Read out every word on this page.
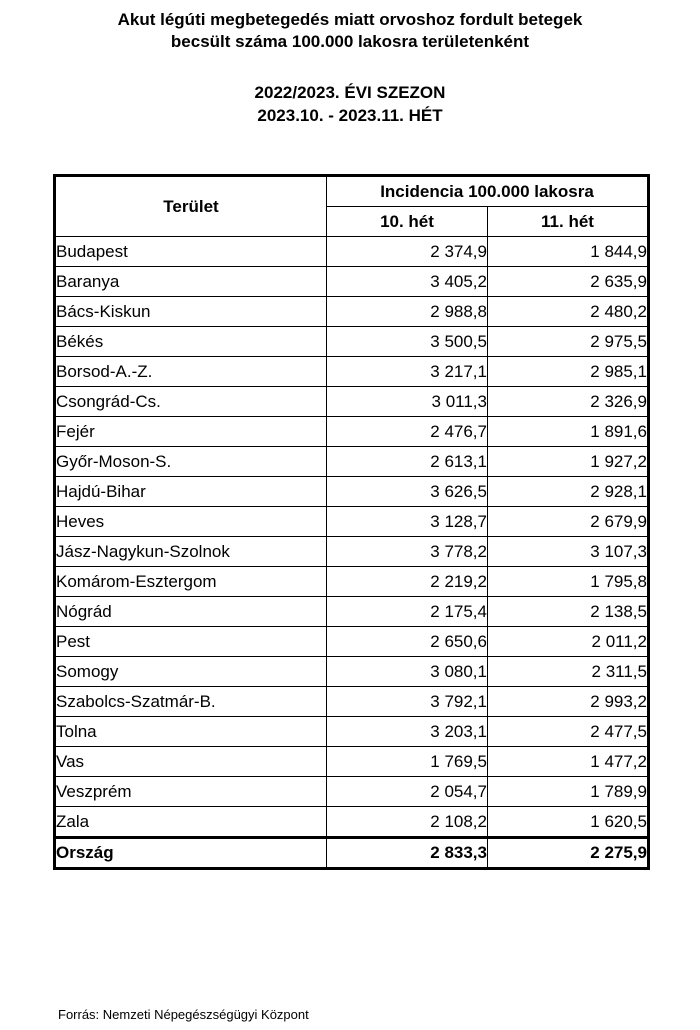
Akut légúti megbetegedés miatt orvoshoz fordult betegek
becsült száma 100.000 lakosra területenként
2022/2023. ÉVI SZEZON
2023.10. - 2023.11. HÉT
Terület	Incidencia 100.000 lakosra	
	10. hét	11. hét
Budapest	2 374,9	1 844,9
Baranya	3 405,2	2 635,9
Bács-Kiskun	2 988,8	2 480,2
Békés	3 500,5	2 975,5
Borsod-A.-Z.	3 217,1	2 985,1
Csongrád-Cs.	3 011,3	2 326,9
Fejér	2 476,7	1 891,6
Győr-Moson-S.	2 613,1	1 927,2
Hajdú-Bihar	3 626,5	2 928,1
Heves	3 128,7	2 679,9
Jász-Nagykun-Szolnok	3 778,2	3 107,3
Komárom-Esztergom	2 219,2	1 795,8
Nógrád	2 175,4	2 138,5
Pest	2 650,6	2 011,2
Somogy	3 080,1	2 311,5
Szabolcs-Szatmár-B.	3 792,1	2 993,2
Tolna	3 203,1	2 477,5
Vas	1 769,5	1 477,2
Veszprém	2 054,7	1 789,9
Zala	2 108,2	1 620,5
Ország	2 833,3	2 275,9
Forrás: Nemzeti Népegészségügyi Központ
